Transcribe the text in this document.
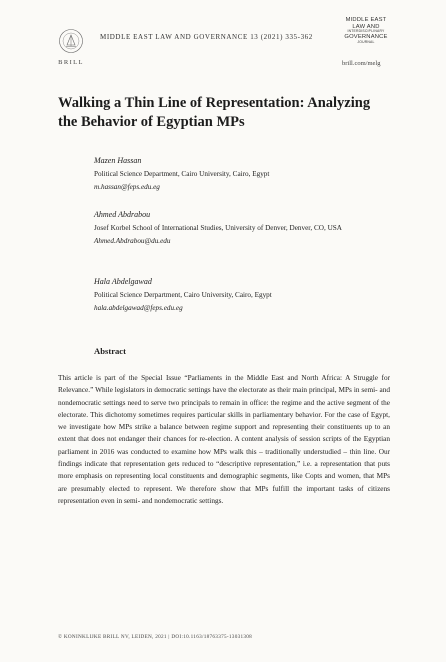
BRILL
MIDDLE EAST LAW AND GOVERNANCE 13 (2021) 335-362
MIDDLE EAST
LAW AND
INTERDISCIPLINARY
GOVERNANCE
JOURNAL
brill.com/melg
Walking a Thin Line of Representation: Analyzing the Behavior of Egyptian MPs
Mazen Hassan
Political Science Department, Cairo University, Cairo, Egypt
m.hassan@feps.edu.eg
Ahmed Abdrabou
Josef Korbel School of International Studies, University of Denver, Denver, CO, USA
Ahmed.Abdrabou@du.edu
Hala Abdelgawad
Political Science Derpartment, Cairo University, Cairo, Egypt
hala.abdelgawad@feps.edu.eg
Abstract

This article is part of the Special Issue “Parliaments in the Middle East and North Africa: A Struggle for Relevance.” While legislators in democratic settings have the electorate as their main principal, MPs in semi- and nondemocratic settings need to serve two principals to remain in office: the regime and the active segment of the electorate. This dichotomy sometimes requires particular skills in parliamentary behavior. For the case of Egypt, we investigate how MPs strike a balance between regime support and representing their constituents up to an extent that does not endanger their chances for re-election. A content analysis of session scripts of the Egyptian parliament in 2016 was conducted to examine how MPs walk this – traditionally understudied – thin line. Our findings indicate that representation gets reduced to “descriptive representation,” i.e. a representation that puts more emphasis on representing local constituents and demographic segments, like Copts and women, that MPs are presumably elected to represent. We therefore show that MPs fulfill the important tasks of citizens representation even in semi- and nondemocratic settings.

© KONINKLIJKE BRILL NV, LEIDEN, 2021 | DOI:10.1163/18763375-13031308
